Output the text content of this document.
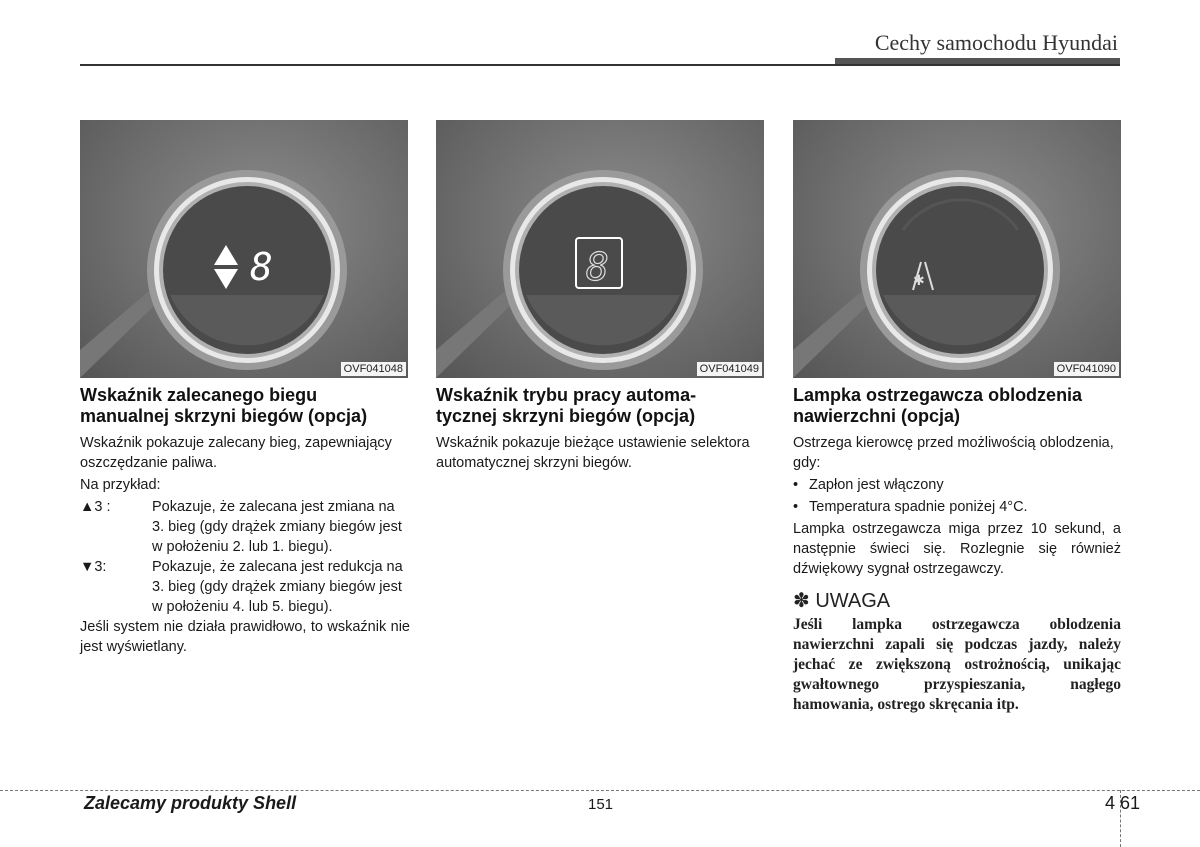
Cechy samochodu Hyundai
8
OVF041048
8
OVF041049
✱
OVF041090
Wskaźnik zalecanego biegu
manualnej skrzyni biegów (opcja)

Wskaźnik pokazuje zalecany bieg, zapewniający oszczędzanie paliwa.

Na przykład:

▲3 :	Pokazuje, że zalecana jest zmiana na 3. bieg (gdy drążek zmiany biegów jest w położeniu 2. lub 1. biegu).
▼3:	Pokazuje, że zalecana jest redukcja na 3. bieg (gdy drążek zmiany biegów jest w położeniu 4. lub 5. biegu).

Jeśli system nie działa prawidłowo, to wskaźnik nie jest wyświetlany.

Wskaźnik trybu pracy automa-
tycznej skrzyni biegów (opcja)

Wskaźnik pokazuje bieżące ustawienie selektora automatycznej skrzyni biegów.

Lampka ostrzegawcza oblodzenia
nawierzchni (opcja)

Ostrzega kierowcę przed możliwością oblodzenia, gdy:

• Zapłon jest włączony
• Temperatura spadnie poniżej 4°C.

Lampka ostrzegawcza miga przez 10 sekund, a następnie świeci się. Rozlegnie się również dźwiękowy sygnał ostrzegawczy.

✽ UWAGA
Jeśli lampka ostrzegawcza oblodzenia nawierzchni zapali się podczas jazdy, należy jechać ze zwiększoną ostrożnością, unikając gwałtownego przyspieszania, nagłego hamowania, ostrego skręcania itp.
Zalecamy produkty Shell	151	4 61
